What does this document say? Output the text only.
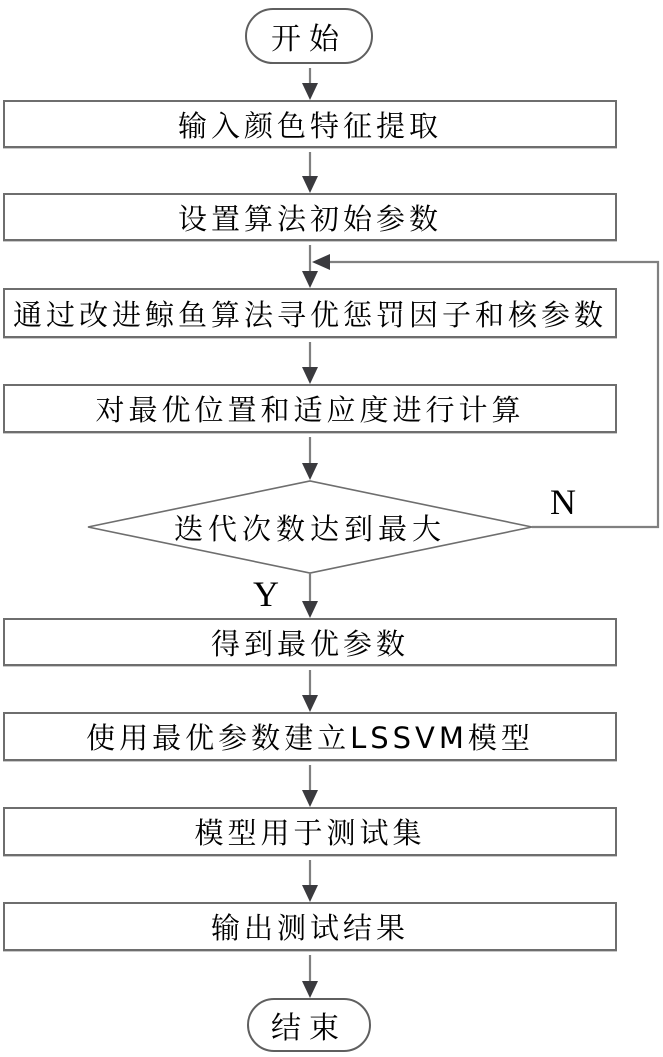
开始
输入颜色特征提取
设置算法初始参数
通过改进鲸鱼算法寻优惩罚因子和核参数
对最优位置和适应度进行计算
迭代次数达到最大
N
Y
得到最优参数
使用最优参数建立LSSVM模型
模型用于测试集
输出测试结果
结束
